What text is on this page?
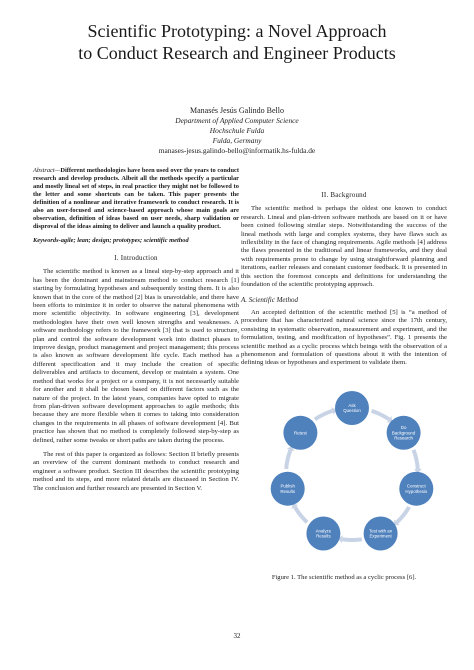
Scientific Prototyping: a Novel Approach
to Conduct Research and Engineer Products
Manasés Jesús Galindo Bello
Department of Applied Computer Science
Hochschule Fulda
Fulda, Germany
manases-jesus.galindo-bello@informatik.hs-fulda.de

Abstract—Different methodologies have been used over the years to conduct research and develop products. Albeit all the methods specify a particular and mostly lineal set of steps, in real practice they might not be followed to the letter and some shortcuts can be taken. This paper presents the definition of a nonlinear and iterative framework to conduct research. It is also an user-focused and science-based approach whose main goals are observation, definition of ideas based on user needs, sharp validation or disproval of the ideas aiming to deliver and launch a quality product.

Keywords-agile; lean; design; prototypes; scientific method

I. Introduction

The scientific method is known as a lineal step-by-step approach and it has been the dominant and mainstream method to conduct research [1] starting by formulating hypotheses and subsequently testing them. It is also known that in the core of the method [2] bias is unavoidable, and there have been efforts to minimize it in order to observe the natural phenomena with more scientific objectivity. In software engineering [3], development methodologies have their own well known strengths and weaknesses. A software methodology refers to the framework [3] that is used to structure, plan and control the software development work into distinct phases to improve design, product management and project management; this process is also known as software development life cycle. Each method has a different specification and it may include the creation of specific deliverables and artifacts to document, develop or maintain a system. One method that works for a project or a company, it is not necessarily suitable for another and it shall be chosen based on different factors such as the nature of the project. In the latest years, companies have opted to migrate from plan-driven software development approaches to agile methods; this because they are more flexible when it comes to taking into consideration changes in the requirements in all phases of software development [4]. But practice has shown that no method is completely followed step-by-step as defined, rather some tweaks or short paths are taken during the process.

The rest of this paper is organized as follows: Section II briefly presents an overview of the current dominant methods to conduct research and engineer a software product. Section III describes the scientific prototyping method and its steps, and more related details are discussed in Section IV. The conclusion and further research are presented in Section V.

II. Background

The scientific method is perhaps the oldest one known to conduct research. Lineal and plan-driven software methods are based on it or have been coined following similar steps. Notwithstanding the success of the lineal methods with large and complex systems, they have flaws such as inflexibility in the face of changing requirements. Agile methods [4] address the flaws presented in the traditional and linear frameworks, and they deal with requirements prone to change by using straightforward planning and iterations, earlier releases and constant customer feedback. It is presented in this section the foremost concepts and definitions for understanding the foundation of the scientific prototyping approach.

A. Scientific Method

An accepted definition of the scientific method [5] is “a method of procedure that has characterized natural science since the 17th century, consisting in systematic observation, measurement and experiment, and the formulation, testing, and modification of hypotheses”. Fig. 1 presents the scientific method as a cyclic process which beings with the observation of a phenomenon and formulation of questions about it with the intention of defining ideas or hypotheses and experiment to validate them.

Ask
Question
Do
Background
Research
Construct
Hypothesis
Test with an
Experiment
Analyze
Results
Publish
Results
Retest
Figure 1. The scientific method as a cyclic process [6].
32
